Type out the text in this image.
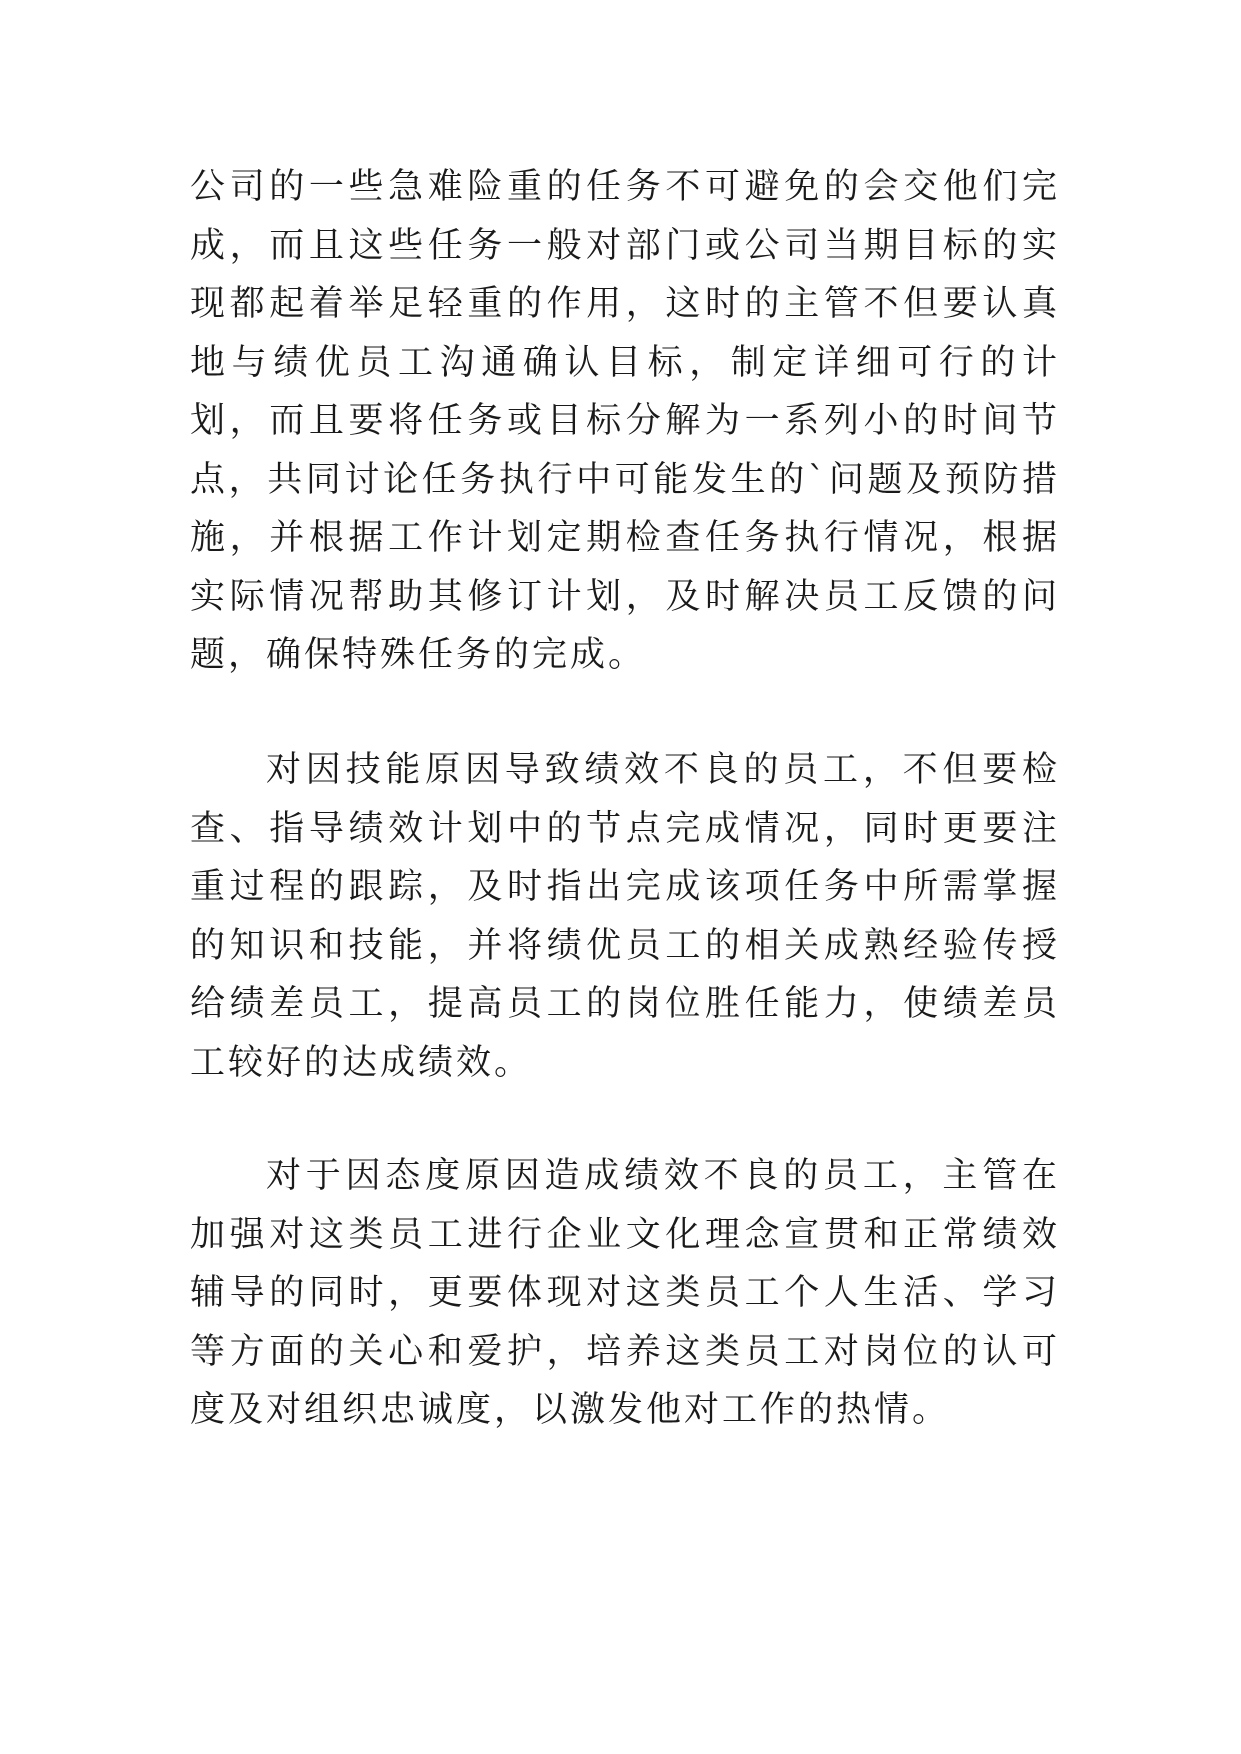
公司的一些急难险重的任务不可避免的会交他们完成，而且这些任务一般对部门或公司当期目标的实现都起着举足轻重的作用，这时的主管不但要认真地与绩优员工沟通确认目标，制定详细可行的计划，而且要将任务或目标分解为一系列小的时间节点，共同讨论任务执行中可能发生的`问题及预防措施，并根据工作计划定期检查任务执行情况，根据实际情况帮助其修订计划，及时解决员工反馈的问题，确保特殊任务的完成。

对因技能原因导致绩效不良的员工，不但要检查、指导绩效计划中的节点完成情况，同时更要注重过程的跟踪，及时指出完成该项任务中所需掌握的知识和技能，并将绩优员工的相关成熟经验传授给绩差员工，提高员工的岗位胜任能力，使绩差员工较好的达成绩效。

对于因态度原因造成绩效不良的员工，主管在加强对这类员工进行企业文化理念宣贯和正常绩效辅导的同时，更要体现对这类员工个人生活、学习等方面的关心和爱护，培养这类员工对岗位的认可度及对组织忠诚度，以激发他对工作的热情。
